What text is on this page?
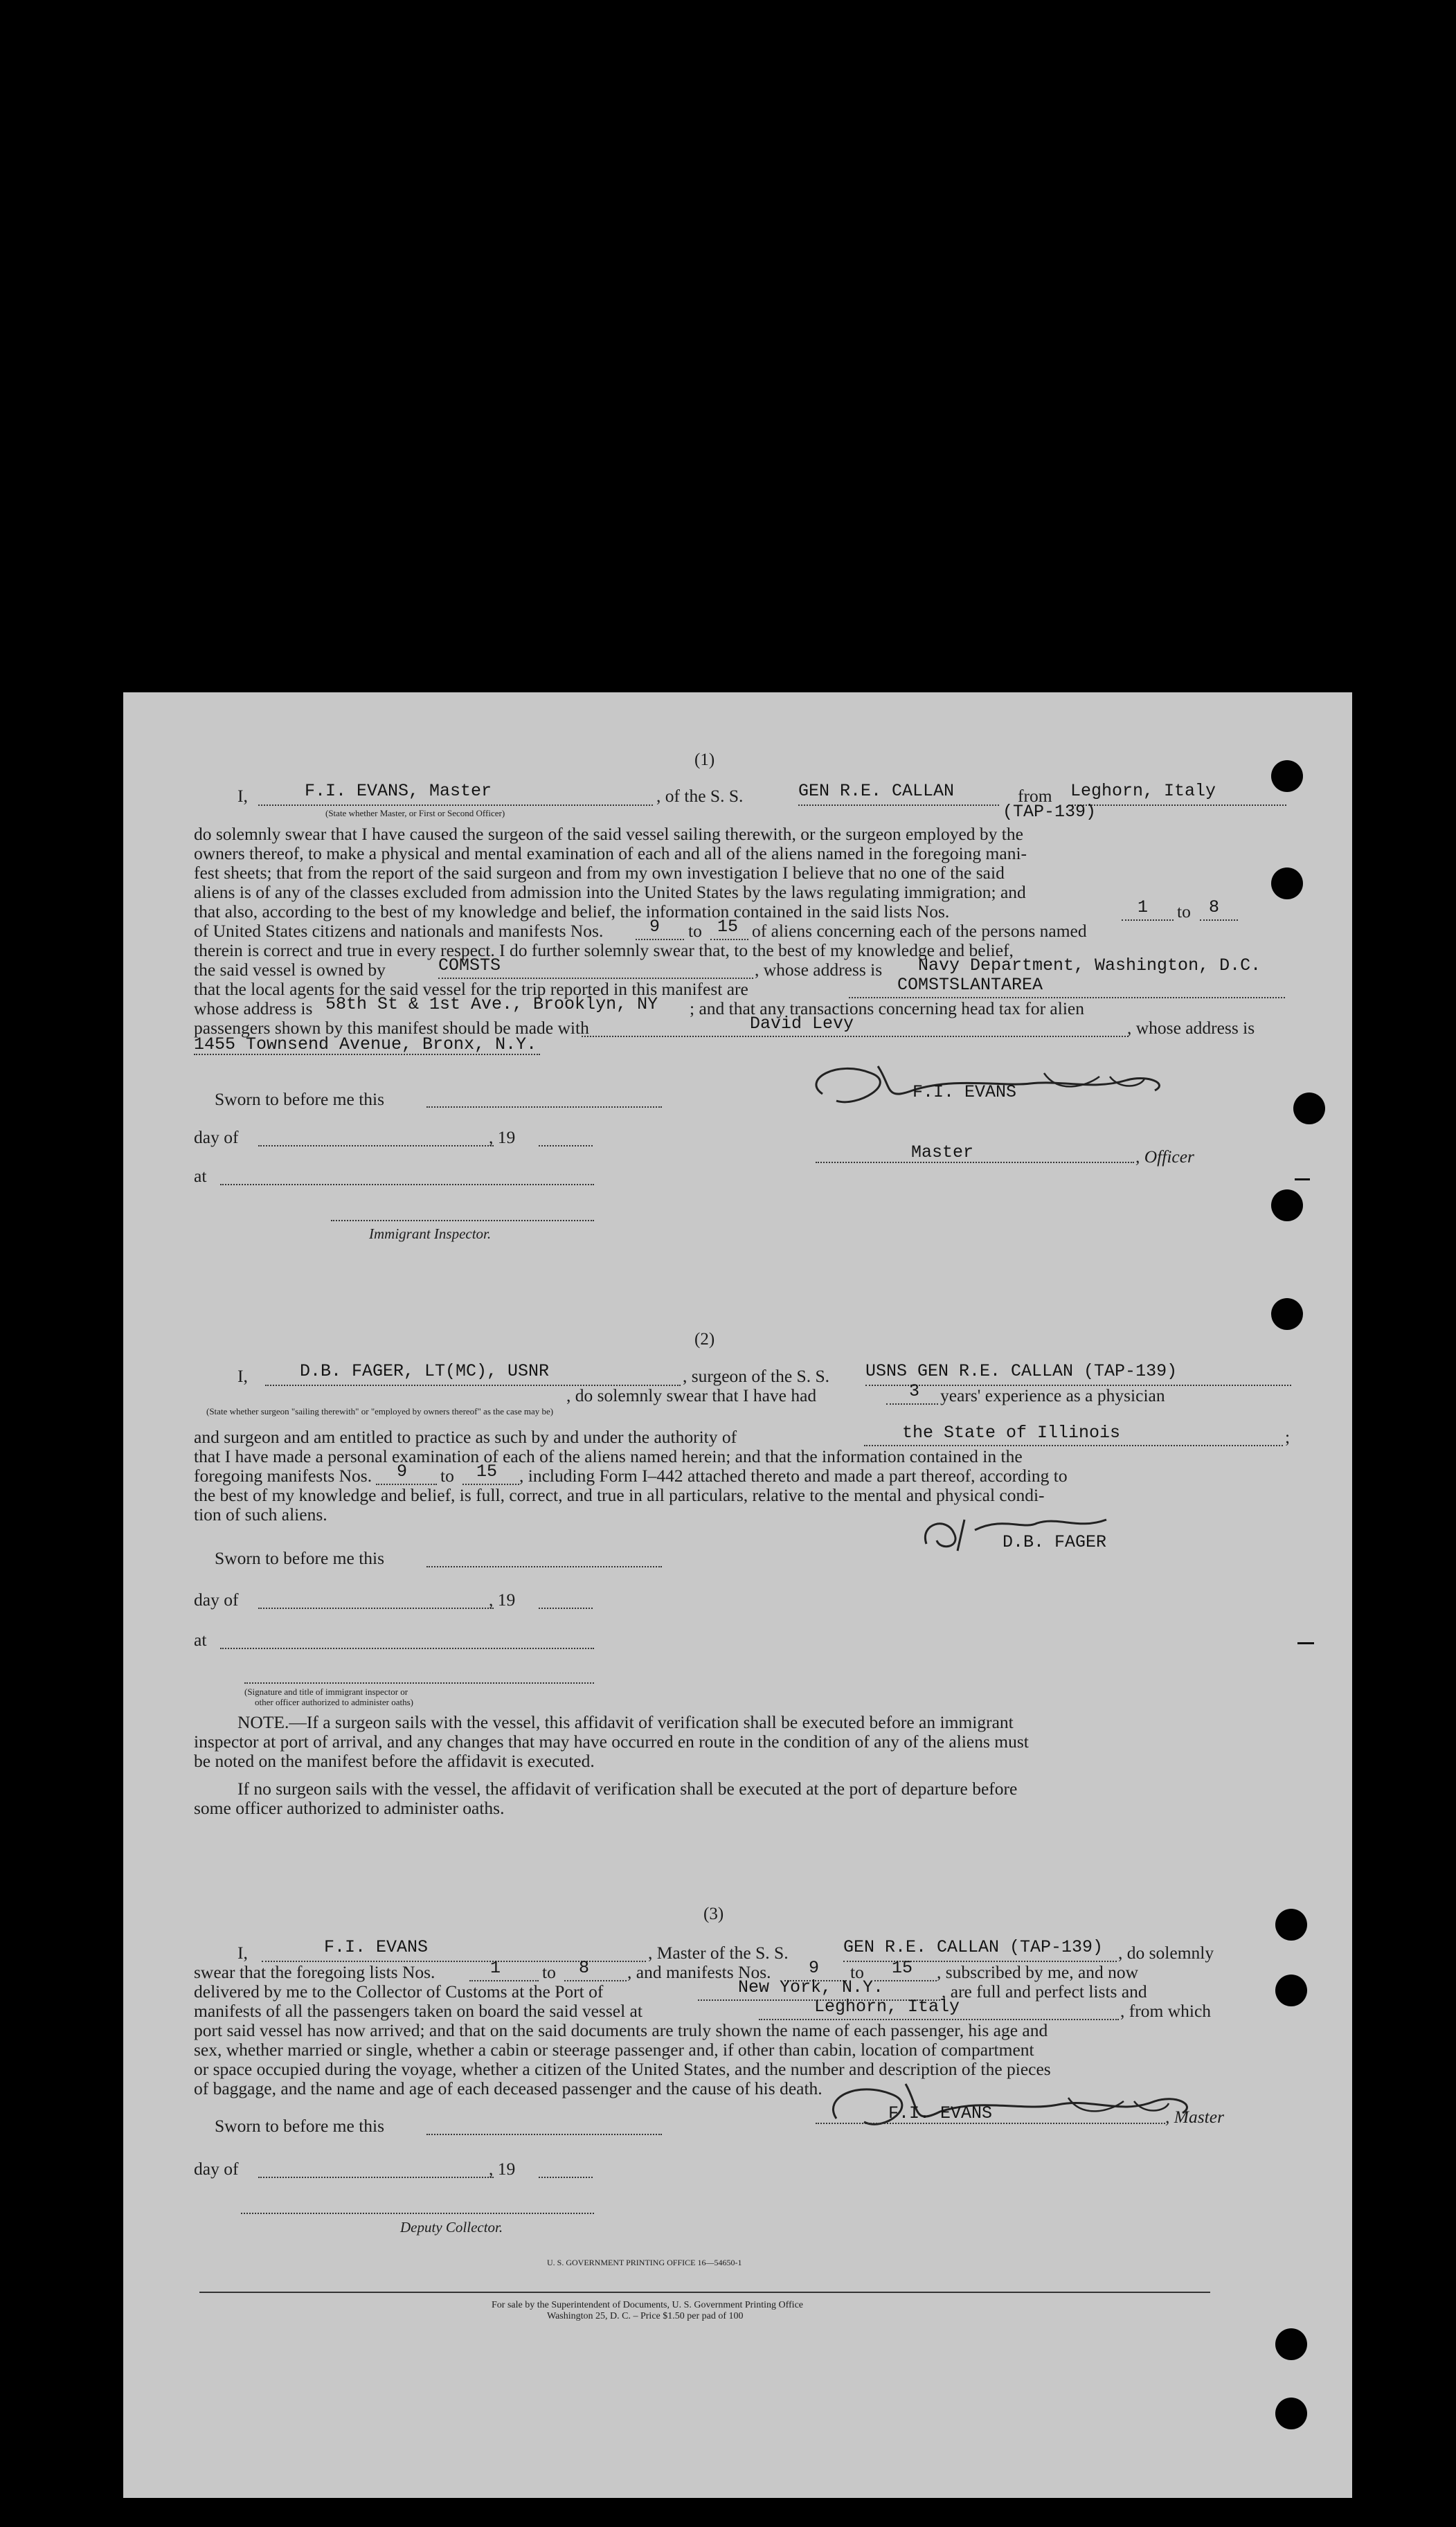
(1)
I,	F.I. EVANS, Master	, of the S. S.	GEN R.E. CALLAN	from Leghorn, Italy
(TAP-139)
(State whether Master, or First or Second Officer)
do solemnly swear that I have caused the surgeon of the said vessel sailing therewith, or the surgeon employed by the
owners thereof, to make a physical and mental examination of each and all of the aliens named in the foregoing mani-
fest sheets; that from the report of the said surgeon and from my own investigation I believe that no one of the said
aliens is of any of the classes excluded from admission into the United States by the laws regulating immigration; and
that also, according to the best of my knowledge and belief, the information contained in the said lists Nos.	1 to 8
of United States citizens and nationals and manifests Nos.	9 to 15 of aliens concerning each of the persons named
therein is correct and true in every respect. I do further solemnly swear that, to the best of my knowledge and belief,
the said vessel is owned by	COMSTS	, whose address is Navy Department, Washington, D.C.
that the local agents for the said vessel for the trip reported in this manifest are	COMSTSLANTAREA
whose address is 58th St & 1st Ave., Brooklyn, NY ; and that any transactions concerning head tax for alien
passengers shown by this manifest should be made with	David Levy	, whose address is
1455 Townsend Avenue, Bronx, N.Y.
F.I. EVANS
Sworn to before me this
day of	, 19
Master	, Officer
at
Immigrant Inspector.
(2)
I,	D.B. FAGER, LT(MC), USNR	, surgeon of the S. S. USNS GEN R.E. CALLAN (TAP-139)
, do solemnly swear that I have had	3 years' experience as a physician
(State whether surgeon "sailing therewith" or "employed by owners thereof" as the case may be)
and surgeon and am entitled to practice as such by and under the authority of	the State of Illinois	;
that I have made a personal examination of each of the aliens named herein; and that the information contained in the
foregoing manifests Nos. 9 to 15 , including Form I–442 attached thereto and made a part thereof, according to
the best of my knowledge and belief, is full, correct, and true in all particulars, relative to the mental and physical condi-
tion of such aliens.
D.B. FAGER
Sworn to before me this
day of	, 19
at
(Signature and title of immigrant inspector or
other officer authorized to administer oaths)
NOTE.—If a surgeon sails with the vessel, this affidavit of verification shall be executed before an immigrant
inspector at port of arrival, and any changes that may have occurred en route in the condition of any of the aliens must
be noted on the manifest before the affidavit is executed.
If no surgeon sails with the vessel, the affidavit of verification shall be executed at the port of departure before
some officer authorized to administer oaths.
(3)
I,	F.I. EVANS	, Master of the S. S.	GEN R.E. CALLAN (TAP-139) , do solemnly
swear that the foregoing lists Nos.	1 to 8 , and manifests Nos. 9 to 15 , subscribed by me, and now
delivered by me to the Collector of Customs at the Port of	New York, N.Y.	, are full and perfect lists and
manifests of all the passengers taken on board the said vessel at	Leghorn, Italy	, from which
port said vessel has now arrived; and that on the said documents are truly shown the name of each passenger, his age and
sex, whether married or single, whether a cabin or steerage passenger and, if other than cabin, location of compartment
or space occupied during the voyage, whether a citizen of the United States, and the number and description of the pieces
of baggage, and the name and age of each deceased passenger and the cause of his death.
F.I. EVANS	, Master
Sworn to before me this
day of	, 19
Deputy Collector.
U. S. GOVERNMENT PRINTING OFFICE 16—54650-1
For sale by the Superintendent of Documents, U. S. Government Printing Office
Washington 25, D. C. – Price $1.50 per pad of 100
